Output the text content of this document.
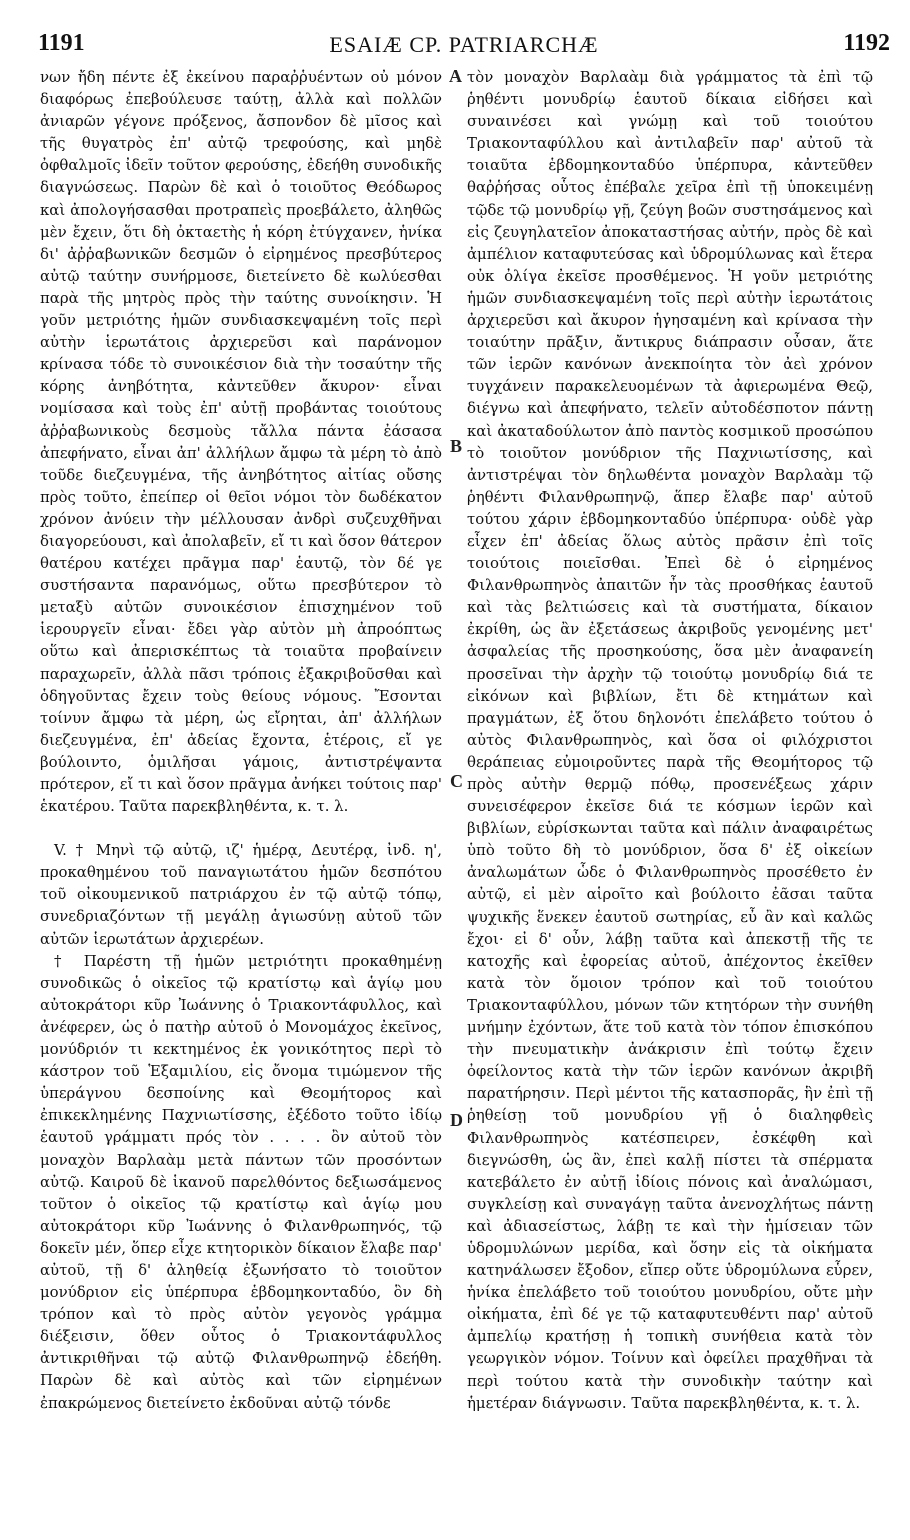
1191	ESAIÆ CP. PATRIARCHÆ	1192

νων ἤδη πέντε ἐξ ἐκείνου παραῤῥυέντων οὐ μόνον διαφόρως ἐπεβούλευσε ταύτῃ, ἀλλὰ καὶ πολλῶν ἀνιαρῶν γέγονε πρόξενος, ἄσπονδον δὲ μῖσος καὶ τῆς θυγατρὸς ἐπ' αὐτῷ τρεφούσης, καὶ μηδὲ ὀφθαλμοῖς ἰδεῖν τοῦτον φερούσης, ἐδεήθη συνοδικῆς διαγνώσεως. Παρὼν δὲ καὶ ὁ τοιοῦτος Θεόδωρος καὶ ἀπολογήσασθαι προτραπεὶς προεβάλετο, ἀληθῶς μὲν ἔχειν, ὅτι δὴ ὀκταετὴς ἡ κόρη ἐτύγχανεν, ἡνίκα δι' ἀῤῥαβωνικῶν δεσμῶν ὁ εἰρημένος πρεσβύτερος αὐτῷ ταύτην συνήρμοσε, διετείνετο δὲ κωλύεσθαι παρὰ τῆς μητρὸς πρὸς τὴν ταύτης συνοίκησιν. Ἡ γοῦν μετριότης ἡμῶν συνδιασκεψαμένη τοῖς περὶ αὐτὴν ἱερωτάτοις ἀρχιερεῦσι καὶ παράνομον κρίνασα τόδε τὸ συνοικέσιον διὰ τὴν τοσαύτην τῆς κόρης ἀνηβότητα, κἀντεῦθεν ἄκυρον· εἶναι νομίσασα καὶ τοὺς ἐπ' αὐτῇ προβάντας τοιούτους ἀῤῥαβωνικοὺς δεσμοὺς τἄλλα πάντα ἐάσασα ἀπεφήνατο, εἶναι ἀπ' ἀλλήλων ἄμφω τὰ μέρη τὸ ἀπὸ τοῦδε διεζευγμένα, τῆς ἀνηβότητος αἰτίας οὔσης πρὸς τοῦτο, ἐπείπερ οἱ θεῖοι νόμοι τὸν δωδέκατον χρόνον ἀνύειν τὴν μέλλουσαν ἀνδρὶ συζευχθῆναι διαγορεύουσι, καὶ ἀπολαβεῖν, εἴ τι καὶ ὅσον θάτερον θατέρου κατέχει πρᾶγμα παρ' ἑαυτῷ, τὸν δέ γε συστήσαντα παρανόμως, οὕτω πρεσβύτερον τὸ μεταξὺ αὐτῶν συνοικέσιον ἐπισχημένον τοῦ ἱερουργεῖν εἶναι· ἔδει γὰρ αὐτὸν μὴ ἀπροόπτως οὕτω καὶ ἀπερισκέπτως τὰ τοιαῦτα προβαίνειν παραχωρεῖν, ἀλλὰ πᾶσι τρόποις ἐξακριβοῦσθαι καὶ ὁδηγοῦντας ἔχειν τοὺς θείους νόμους. Ἔσονται τοίνυν ἄμφω τὰ μέρη, ὡς εἴρηται, ἀπ' ἀλλήλων διεζευγμένα, ἐπ' ἀδείας ἔχοντα, ἑτέροις, εἴ γε βούλοιντο, ὁμιλῆσαι γάμοις, ἀντιστρέψαντα πρότερον, εἴ τι καὶ ὅσον πρᾶγμα ἀνήκει τούτοις παρ' ἑκατέρου. Ταῦτα παρεκβληθέντα, κ. τ. λ.

V. † Μηνὶ τῷ αὐτῷ, ιζ' ἡμέρᾳ, Δευτέρᾳ, ἰνδ. η', προκαθημένου τοῦ παναγιωτάτου ἡμῶν δεσπότου τοῦ οἰκουμενικοῦ πατριάρχου ἐν τῷ αὐτῷ τόπῳ, συνεδριαζόντων τῇ μεγάλῃ ἁγιωσύνῃ αὐτοῦ τῶν αὐτῶν ἱερωτάτων ἀρχιερέων.

† Παρέστη τῇ ἡμῶν μετριότητι προκαθημένῃ συνοδικῶς ὁ οἰκεῖος τῷ κρατίστῳ καὶ ἁγίῳ μου αὐτοκράτορι κῦρ Ἰωάννης ὁ Τριακοντάφυλλος, καὶ ἀνέφερεν, ὡς ὁ πατὴρ αὐτοῦ ὁ Μονομάχος ἐκεῖνος, μονύδριόν τι κεκτημένος ἐκ γονικότητος περὶ τὸ κάστρον τοῦ Ἑξαμιλίου, εἰς ὄνομα τιμώμενον τῆς ὑπεράγνου δεσποίνης καὶ Θεομήτορος καὶ ἐπικεκλημένης Παχνιωτίσσης, ἐξέδοτο τοῦτο ἰδίῳ ἑαυτοῦ γράμματι πρός τὸν . . . . ὂν αὐτοῦ τὸν μοναχὸν Βαρλαὰμ μετὰ πάντων τῶν προσόντων αὐτῷ. Καιροῦ δὲ ἱκανοῦ παρελθόντος δεξιωσάμενος τοῦτον ὁ οἰκεῖος τῷ κρατίστῳ καὶ ἁγίῳ μου αὐτοκράτορι κῦρ Ἰωάννης ὁ Φιλανθρωπηνός, τῷ δοκεῖν μέν, ὅπερ εἶχε κτητορικὸν δίκαιον ἔλαβε παρ' αὐτοῦ, τῇ δ' ἀληθείᾳ ἐξωνήσατο τὸ τοιοῦτον μονύδριον εἰς ὑπέρπυρα ἑβδομηκονταδύο, ὃν δὴ τρόπον καὶ τὸ πρὸς αὐτὸν γεγονὸς γράμμα διέξεισιν, ὅθεν οὗτος ὁ Τριακοντάφυλλος ἀντικριθῆναι τῷ αὐτῷ Φιλανθρωπηνῷ ἐδεήθη. Παρὼν δὲ καὶ αὐτὸς καὶ τῶν εἰρημένων ἐπακρώμενος διετείνετο ἐκδοῦναι αὐτῷ τόνδε

A
B
C
D

τὸν μοναχὸν Βαρλαὰμ διὰ γράμματος τὰ ἐπὶ τῷ ῥηθέντι μονυδρίῳ ἑαυτοῦ δίκαια εἰδήσει καὶ συναινέσει καὶ γνώμῃ καὶ τοῦ τοιούτου Τριακονταφύλλου καὶ ἀντιλαβεῖν παρ' αὐτοῦ τὰ τοιαῦτα ἑβδομηκονταδύο ὑπέρπυρα, κἀντεῦθεν θαῤῥήσας οὗτος ἐπέβαλε χεῖρα ἐπὶ τῇ ὑποκειμένῃ τῷδε τῷ μονυδρίῳ γῇ, ζεύγη βοῶν συστησάμενος καὶ εἰς ζευγηλατεῖον ἀποκαταστήσας αὐτήν, πρὸς δὲ καὶ ἀμπέλιον καταφυτεύσας καὶ ὑδρομύλωνας καὶ ἕτερα οὐκ ὀλίγα ἐκεῖσε προσθέμενος. Ἡ γοῦν μετριότης ἡμῶν συνδιασκεψαμένη τοῖς περὶ αὐτὴν ἱερωτάτοις ἀρχιερεῦσι καὶ ἄκυρον ἡγησαμένη καὶ κρίνασα τὴν τοιαύτην πρᾶξιν, ἄντικρυς διάπρασιν οὖσαν, ἅτε τῶν ἱερῶν κανόνων ἀνεκποίητα τὸν ἀεὶ χρόνον τυγχάνειν παρακελευομένων τὰ ἀφιερωμένα Θεῷ, διέγνω καὶ ἀπεφήνατο, τελεῖν αὐτοδέσποτον πάντῃ καὶ ἀκαταδούλωτον ἀπὸ παντὸς κοσμικοῦ προσώπου τὸ τοιοῦτον μονύδριον τῆς Παχνιωτίσσης, καὶ ἀντιστρέψαι τὸν δηλωθέντα μοναχὸν Βαρλαὰμ τῷ ῥηθέντι Φιλανθρωπηνῷ, ἅπερ ἔλαβε παρ' αὐτοῦ τούτου χάριν ἑβδομηκονταδύο ὑπέρπυρα· οὐδὲ γὰρ εἶχεν ἐπ' ἀδείας ὅλως αὐτὸς πρᾶσιν ἐπὶ τοῖς τοιούτοις ποιεῖσθαι. Ἐπεὶ δὲ ὁ εἰρημένος Φιλανθρωπηνὸς ἀπαιτῶν ἦν τὰς προσθήκας ἑαυτοῦ καὶ τὰς βελτιώσεις καὶ τὰ συστήματα, δίκαιον ἐκρίθη, ὡς ἂν ἐξετάσεως ἀκριβοῦς γενομένης μετ' ἀσφαλείας τῆς προσηκούσης, ὅσα μὲν ἀναφανείη προσεῖναι τὴν ἀρχὴν τῷ τοιούτῳ μονυδρίῳ διά τε εἰκόνων καὶ βιβλίων, ἔτι δὲ κτημάτων καὶ πραγμάτων, ἐξ ὅτου δηλονότι ἐπελάβετο τούτου ὁ αὐτὸς Φιλανθρωπηνὸς, καὶ ὅσα οἱ φιλόχριστοι θεράπειας εὐμοιροῦντες παρὰ τῆς Θεομήτορος τῷ πρὸς αὐτὴν θερμῷ πόθῳ, προσενέξεως χάριν συνεισέφερον ἐκεῖσε διά τε κόσμων ἱερῶν καὶ βιβλίων, εὑρίσκωνται ταῦτα καὶ πάλιν ἀναφαιρέτως ὑπὸ τοῦτο δὴ τὸ μονύδριον, ὅσα δ' ἐξ οἰκείων ἀναλωμάτων ὧδε ὁ Φιλανθρωπηνὸς προσέθετο ἐν αὐτῷ, εἰ μὲν αἱροῖτο καὶ βούλοιτο ἐᾶσαι ταῦτα ψυχικῆς ἕνεκεν ἑαυτοῦ σωτηρίας, εὖ ἂν καὶ καλῶς ἔχοι· εἰ δ' οὖν, λάβῃ ταῦτα καὶ ἀπεκστῇ τῆς τε κατοχῆς καὶ ἐφορείας αὐτοῦ, ἀπέχοντος ἐκεῖθεν κατὰ τὸν ὅμοιον τρόπον καὶ τοῦ τοιούτου Τριακονταφύλλου, μόνων τῶν κτητόρων τὴν συνήθη μνήμην ἐχόντων, ἅτε τοῦ κατὰ τὸν τόπον ἐπισκόπου τὴν πνευματικὴν ἀνάκρισιν ἐπὶ τούτῳ ἔχειν ὀφείλοντος κατὰ τὴν τῶν ἱερῶν κανόνων ἀκριβῆ παρατήρησιν. Περὶ μέντοι τῆς κατασπορᾶς, ἣν ἐπὶ τῇ ῥηθείσῃ τοῦ μονυδρίου γῇ ὁ διαληφθεὶς Φιλανθρωπηνὸς κατέσπειρεν, ἐσκέφθη καὶ διεγνώσθη, ὡς ἂν, ἐπεὶ καλῇ πίστει τὰ σπέρματα κατεβάλετο ἐν αὐτῇ ἰδίοις πόνοις καὶ ἀναλώμασι, συγκλείσῃ καὶ συναγάγῃ ταῦτα ἀνενοχλήτως πάντῃ καὶ ἀδιασείστως, λάβῃ τε καὶ τὴν ἡμίσειαν τῶν ὑδρομυλώνων μερίδα, καὶ ὅσην εἰς τὰ οἰκήματα κατηνάλωσεν ἔξοδον, εἴπερ οὔτε ὑδρομύλωνα εὗρεν, ἡνίκα ἐπελάβετο τοῦ τοιούτου μονυδρίου, οὔτε μὴν οἰκήματα, ἐπὶ δέ γε τῷ καταφυτευθέντι παρ' αὐτοῦ ἀμπελίῳ κρατήσῃ ἡ τοπικὴ συνήθεια κατὰ τὸν γεωργικὸν νόμον. Τοίνυν καὶ ὀφείλει πραχθῆναι τὰ περὶ τούτου κατὰ τὴν συνοδικὴν ταύτην καὶ ἡμετέραν διάγνωσιν. Ταῦτα παρεκβληθέντα, κ. τ. λ.
